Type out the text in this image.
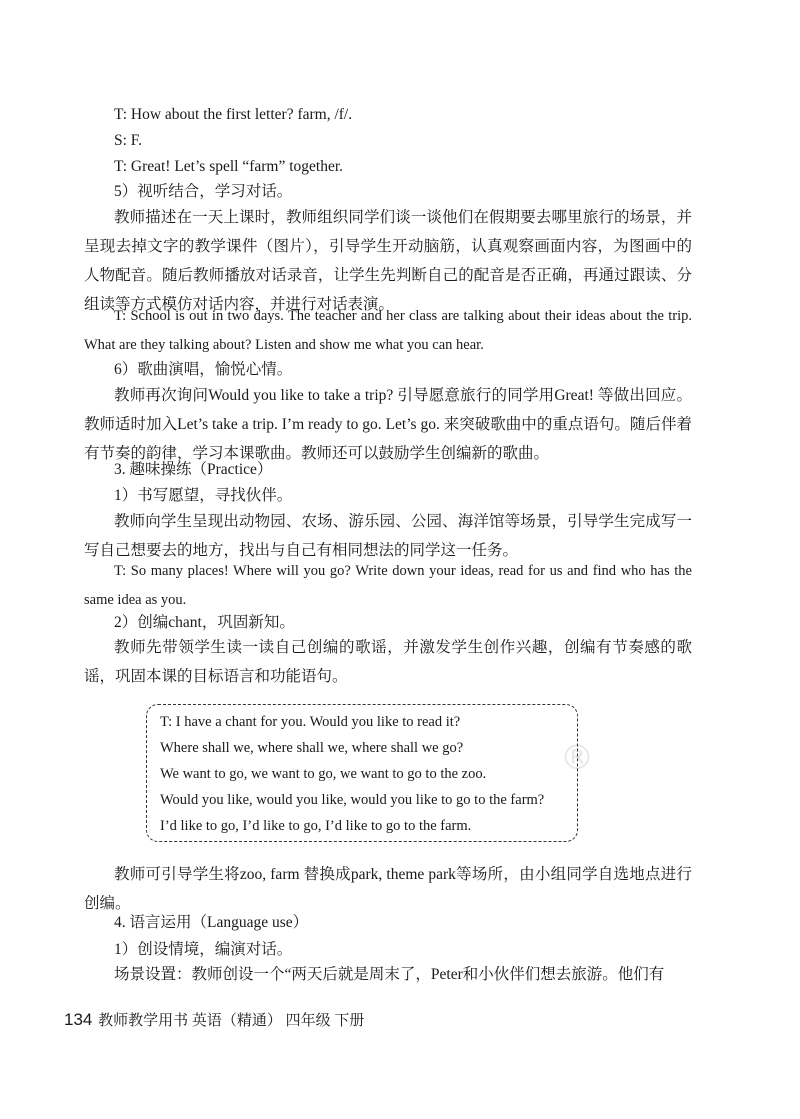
T: How about the first letter? farm, /f/.
S: F.
T: Great! Let’s spell “farm” together.
5）视听结合，学习对话。
教师描述在一天上课时，教师组织同学们谈一谈他们在假期要去哪里旅行的场景，并呈现去掉文字的教学课件（图片），引导学生开动脑筋，认真观察画面内容，为图画中的人物配音。随后教师播放对话录音，让学生先判断自己的配音是否正确，再通过跟读、分组读等方式模仿对话内容，并进行对话表演。
T: School is out in two days. The teacher and her class are talking about their ideas about the trip. What are they talking about? Listen and show me what you can hear.
6）歌曲演唱，愉悦心情。
教师再次询问Would you like to take a trip? 引导愿意旅行的同学用Great! 等做出回应。教师适时加入Let’s take a trip. I’m ready to go. Let’s go. 来突破歌曲中的重点语句。随后伴着有节奏的韵律，学习本课歌曲。教师还可以鼓励学生创编新的歌曲。
3. 趣味操练（Practice）
1）书写愿望，寻找伙伴。
教师向学生呈现出动物园、农场、游乐园、公园、海洋馆等场景，引导学生完成写一写自己想要去的地方，找出与自己有相同想法的同学这一任务。
T: So many places! Where will you go? Write down your ideas, read for us and find who has the same idea as you.
2）创编chant，巩固新知。
教师先带领学生读一读自己创编的歌谣，并激发学生创作兴趣，创编有节奏感的歌谣，巩固本课的目标语言和功能语句。
®
T: I have a chant for you. Would you like to read it?
Where shall we, where shall we, where shall we go?
We want to go, we want to go, we want to go to the zoo.
Would you like, would you like, would you like to go to the farm?
I’d like to go, I’d like to go, I’d like to go to the farm.
教师可引导学生将zoo, farm 替换成park, theme park等场所，由小组同学自选地点进行创编。
4. 语言运用（Language use）
1）创设情境，编演对话。
场景设置：教师创设一个“两天后就是周末了，Peter和小伙伴们想去旅游。他们有
134 教师教学用书 英语（精通） 四年级 下册
